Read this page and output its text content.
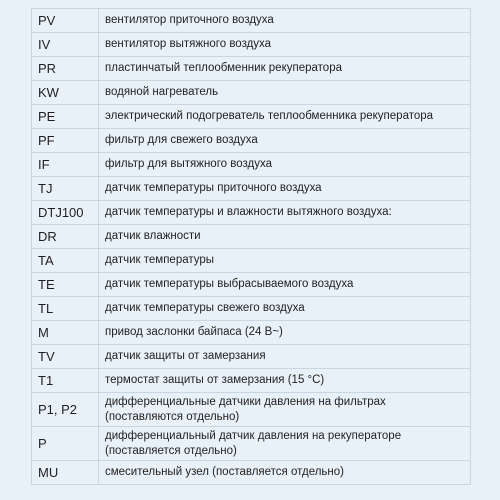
PV	вентилятор приточного воздуха
IV	вентилятор вытяжного воздуха
PR	пластинчатый теплообменник рекуператора
KW	водяной нагреватель
PE	электрический подогреватель теплообменника рекуператора
PF	фильтр для свежего воздуха
IF	фильтр для вытяжного воздуха
TJ	датчик температуры приточного воздуха
DTJ100	датчик температуры и влажности вытяжного воздуха:
DR	датчик влажности
TA	датчик температуры
TE	датчик температуры выбрасываемого воздуха
TL	датчик температуры свежего воздуха
M	привод заслонки байпаса (24 В~)
TV	датчик защиты от замерзания
T1	термостат защиты от замерзания (15 °C)
P1, P2	дифференциальные датчики давления на фильтрах
(поставляются отдельно)
P	дифференциальный датчик давления на рекуператоре
(поставляется отдельно)
MU	смесительный узел (поставляется отдельно)
